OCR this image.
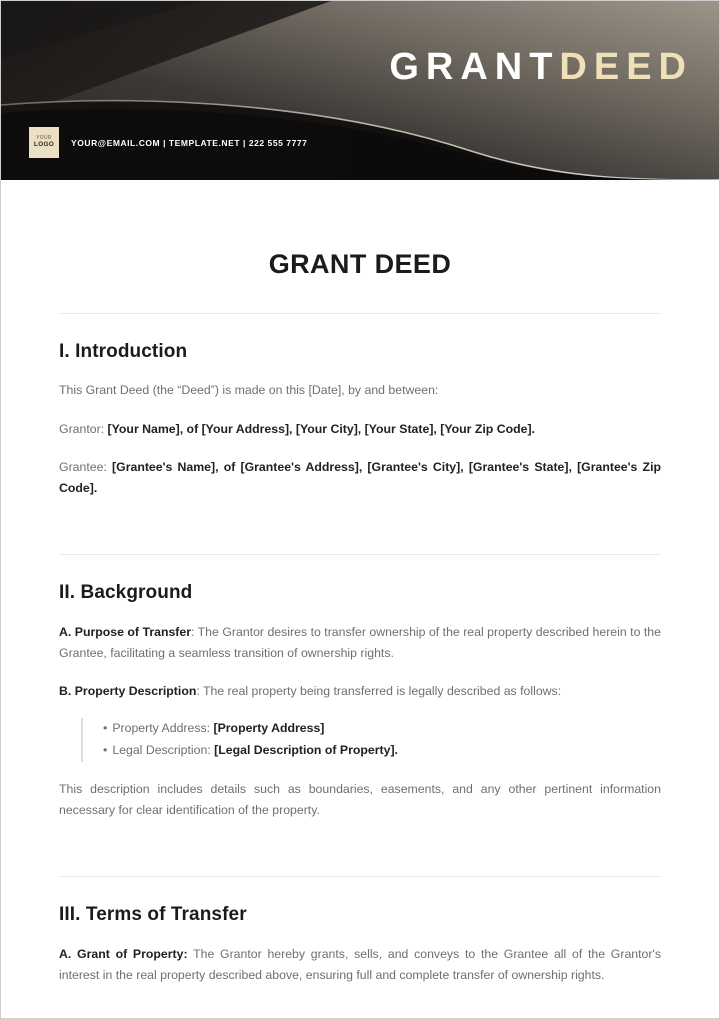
GRANTDEED
YOUR
LOGO YOUR@EMAIL.COM | TEMPLATE.NET | 222 555 7777
GRANT DEED
I. Introduction

This Grant Deed (the “Deed”) is made on this [Date], by and between:

Grantor: [Your Name], of [Your Address], [Your City], [Your State], [Your Zip Code].

Grantee: [Grantee's Name], of [Grantee's Address], [Grantee's City], [Grantee's State], [Grantee's Zip Code].

II. Background

A. Purpose of Transfer: The Grantor desires to transfer ownership of the real property described herein to the Grantee, facilitating a seamless transition of ownership rights.

B. Property Description: The real property being transferred is legally described as follows:

• Property Address: [Property Address]
• Legal Description: [Legal Description of Property].

This description includes details such as boundaries, easements, and any other pertinent information necessary for clear identification of the property.

III. Terms of Transfer

A. Grant of Property: The Grantor hereby grants, sells, and conveys to the Grantee all of the Grantor's interest in the real property described above, ensuring full and complete transfer of ownership rights.
